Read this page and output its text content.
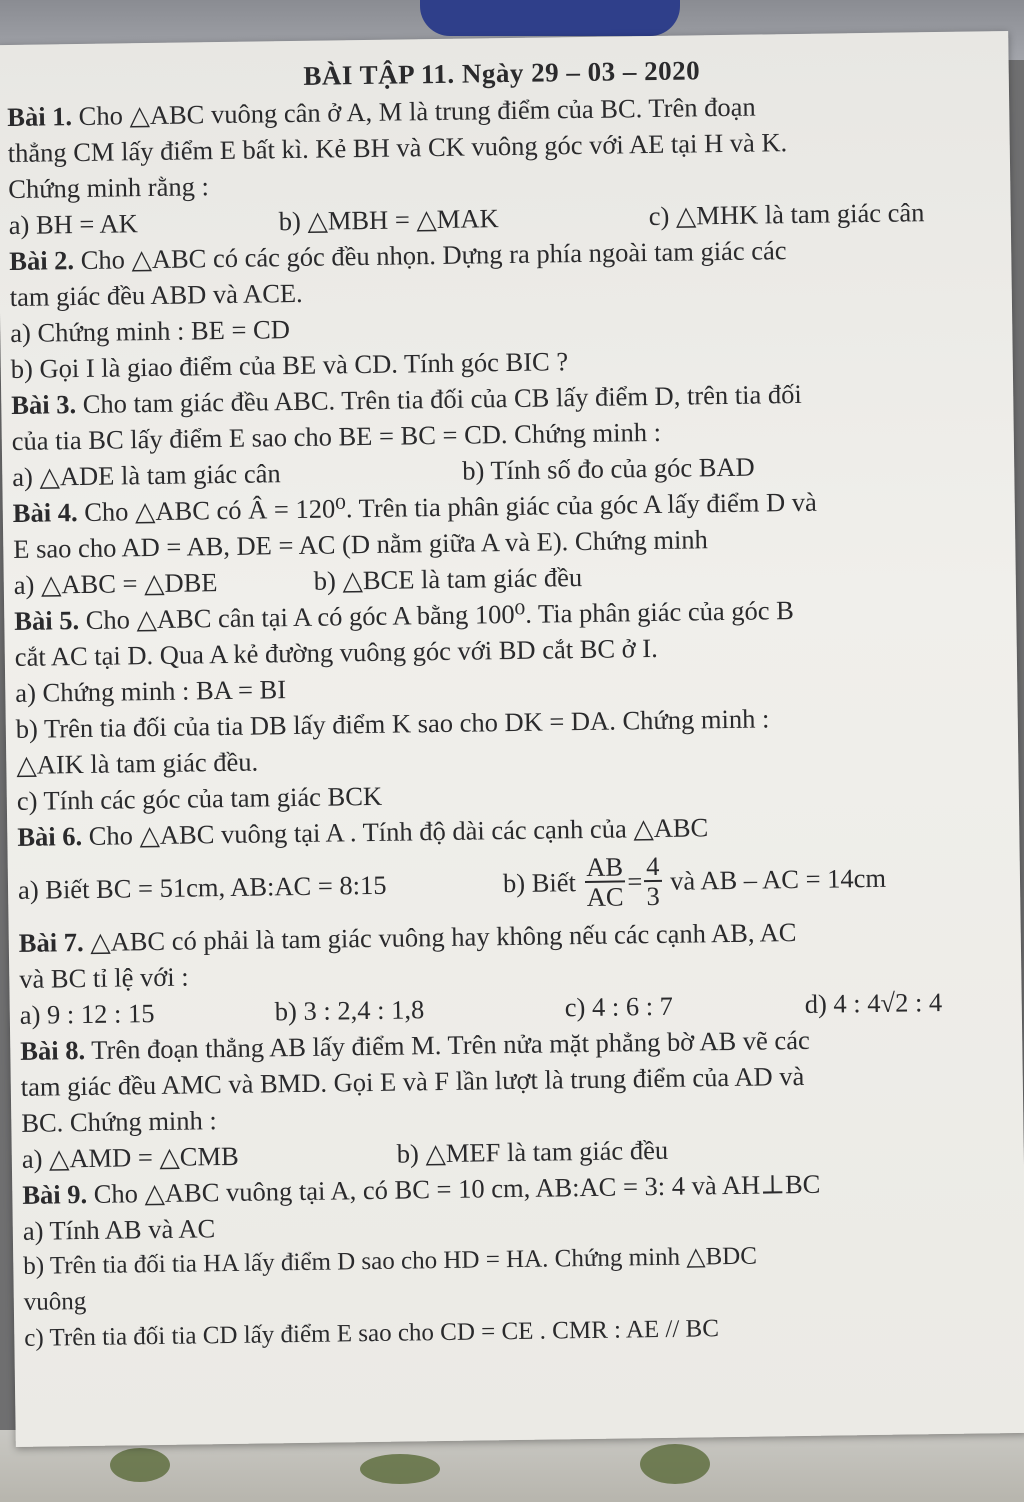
BÀI TẬP 11. Ngày 29 – 03 – 2020
Bài 1. Cho △ABC vuông cân ở A, M là trung điểm của BC. Trên đoạn
thẳng CM lấy điểm E bất kì. Kẻ BH và CK vuông góc với AE tại H và K.
Chứng minh rằng :
a) BH = AK	b) △MBH = △MAK	c) △MHK là tam giác cân
Bài 2. Cho △ABC có các góc đều nhọn. Dựng ra phía ngoài tam giác các
tam giác đều ABD và ACE.
a) Chứng minh : BE = CD
b) Gọi I là giao điểm của BE và CD. Tính góc BIC ?
Bài 3. Cho tam giác đều ABC. Trên tia đối của CB lấy điểm D, trên tia đối
của tia BC lấy điểm E sao cho BE = BC = CD. Chứng minh :
a) △ADE là tam giác cân	b) Tính số đo của góc BAD
Bài 4. Cho △ABC có Â = 120⁰. Trên tia phân giác của góc A lấy điểm D và
E sao cho AD = AB, DE = AC (D nằm giữa A và E). Chứng minh
a) △ABC = △DBE	b) △BCE là tam giác đều
Bài 5. Cho △ABC cân tại A có góc A bằng 100⁰. Tia phân giác của góc B
cắt AC tại D. Qua A kẻ đường vuông góc với BD cắt BC ở I.
a) Chứng minh : BA = BI
b) Trên tia đối của tia DB lấy điểm K sao cho DK = DA. Chứng minh :
△AIK là tam giác đều.
c) Tính các góc của tam giác BCK
Bài 6. Cho △ABC vuông tại A . Tính độ dài các cạnh của △ABC
a) Biết BC = 51cm, AB:AC = 8:15	b) Biết
$\frac{AB}{AC} = \frac{4}{3}$
và AB – AC = 14cm
Bài 7. △ABC có phải là tam giác vuông hay không nếu các cạnh AB, AC
và BC tỉ lệ với :
a) 9 : 12 : 15	b) 3 : 2,4 : 1,8	c) 4 : 6 : 7	d) 4 : 4√2 : 4
Bài 8. Trên đoạn thẳng AB lấy điểm M. Trên nửa mặt phẳng bờ AB vẽ các
tam giác đều AMC và BMD. Gọi E và F lần lượt là trung điểm của AD và
BC. Chứng minh :
a) △AMD = △CMB	b) △MEF là tam giác đều
Bài 9. Cho △ABC vuông tại A, có BC = 10 cm, AB:AC = 3: 4 và AH⊥BC
a) Tính AB và AC
b) Trên tia đối tia HA lấy điểm D sao cho HD = HA. Chứng minh △BDC
vuông
c) Trên tia đối tia CD lấy điểm E sao cho CD = CE . CMR : AE // BC
